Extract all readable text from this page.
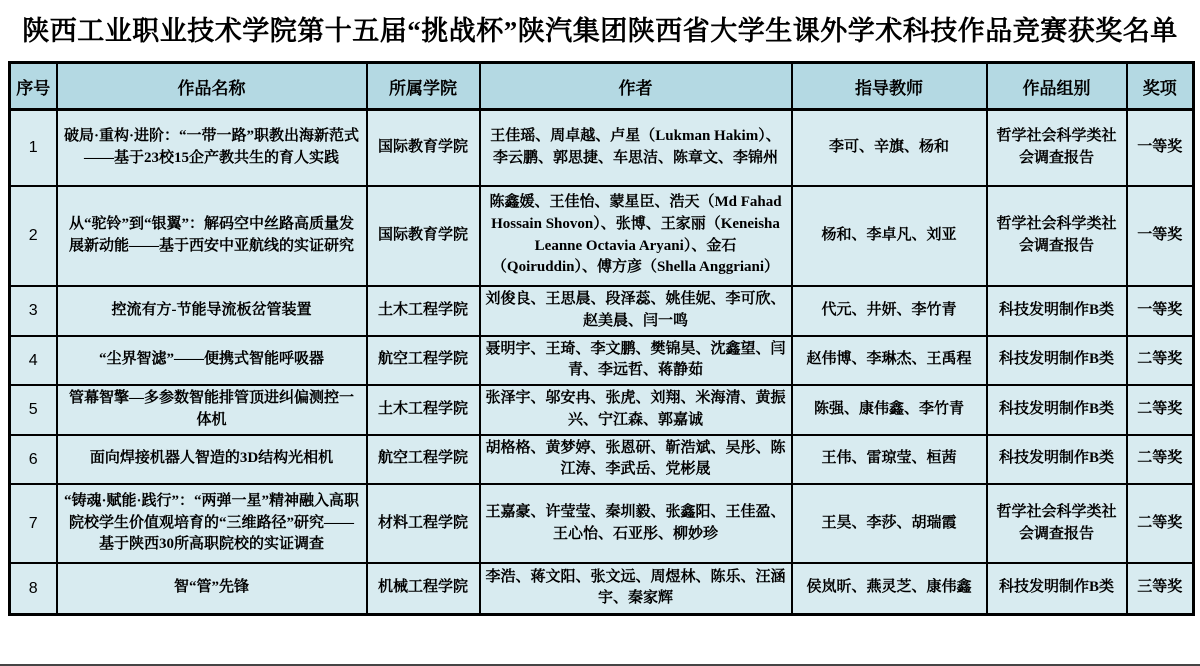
陕西工业职业技术学院第十五届“挑战杯”陕汽集团陕西省大学生课外学术科技作品竞赛获奖名单
序号	作品名称	所属学院	作者	指导教师	作品组别	奖项
1	破局·重构·进阶：“一带一路”职教出海新范式——基于23校15企产教共生的育人实践	国际教育学院	王佳瑶、周卓越、卢星（Lukman Hakim）、李云鹏、郭思捷、车思洁、陈章文、李锦州	李可、辛旗、杨和	哲学社会科学类社会调查报告	一等奖
2	从“驼铃”到“银翼”：解码空中丝路高质量发展新动能——基于西安中亚航线的实证研究	国际教育学院	陈鑫媛、王佳怡、蒙星臣、浩天（Md Fahad Hossain Shovon）、张博、王家丽（Keneisha Leanne Octavia Aryani）、金石（Qoiruddin）、傅方彦（Shella Anggriani）	杨和、李卓凡、刘亚	哲学社会科学类社会调查报告	一等奖
3	控流有方-节能导流板岔管装置	土木工程学院	刘俊良、王思晨、段泽蕊、姚佳妮、李可欣、赵美晨、闫一鸣	代元、井妍、李竹青	科技发明制作B类	一等奖
4	“尘界智滤”——便携式智能呼吸器	航空工程学院	聂明宇、王琦、李文鹏、樊锦昊、沈鑫望、闫青、李远哲、蒋静茹	赵伟博、李琳杰、王禹程	科技发明制作B类	二等奖
5	管幕智擎—多参数智能排管顶进纠偏测控一体机	土木工程学院	张泽宇、邬安冉、张虎、刘翔、米海清、黄振兴、宁江森、郭嘉诚	陈强、康伟鑫、李竹青	科技发明制作B类	二等奖
6	面向焊接机器人智造的3D结构光相机	航空工程学院	胡格格、黄梦婷、张恩研、靳浩斌、吴彤、陈江涛、李武岳、党彬晟	王伟、雷琼莹、桓茜	科技发明制作B类	二等奖
7	“铸魂·赋能·践行”：“两弹一星”精神融入高职院校学生价值观培育的“三维路径”研究——基于陕西30所高职院校的实证调查	材料工程学院	王嘉豪、许莹莹、秦圳毅、张鑫阳、王佳盈、王心怡、石亚彤、柳妙珍	王昊、李莎、胡瑞霞	哲学社会科学类社会调查报告	二等奖
8	智“管”先锋	机械工程学院	李浩、蒋文阳、张文远、周煜林、陈乐、汪涵宇、秦家辉	侯岚昕、燕灵芝、康伟鑫	科技发明制作B类	三等奖
